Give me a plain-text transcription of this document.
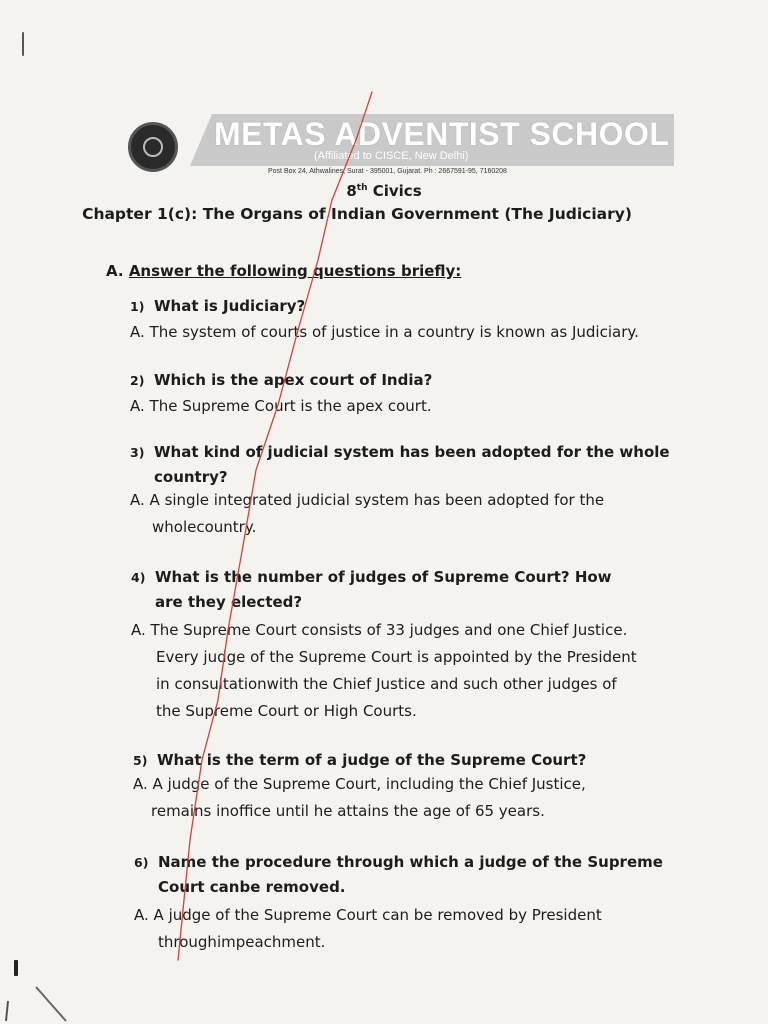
METAS ADVENTIST SCHOOL
(Affiliated to CISCE, New Delhi)
Post Box 24, Athwalines, Surat - 395001, Gujarat. Ph : 2667591-95, 7160208
8th Civics
Chapter 1(c): The Organs of Indian Government (The Judiciary)
A. Answer the following questions briefly:
1) What is Judiciary?
A. The system of courts of justice in a country is known as Judiciary.
2) Which is the apex court of India?
A. The Supreme Court is the apex court.
3) What kind of judicial system has been adopted for the whole
country?
A. A single integrated judicial system has been adopted for the
wholecountry.
4) What is the number of judges of Supreme Court? How
are they elected?
A. The Supreme Court consists of 33 judges and one Chief Justice.
Every judge of the Supreme Court is appointed by the President
in consultationwith the Chief Justice and such other judges of
the Supreme Court or High Courts.
5) What is the term of a judge of the Supreme Court?
A. A judge of the Supreme Court, including the Chief Justice,
remains inoffice until he attains the age of 65 years.
6) Name the procedure through which a judge of the Supreme
Court canbe removed.
A. A judge of the Supreme Court can be removed by President
throughimpeachment.
